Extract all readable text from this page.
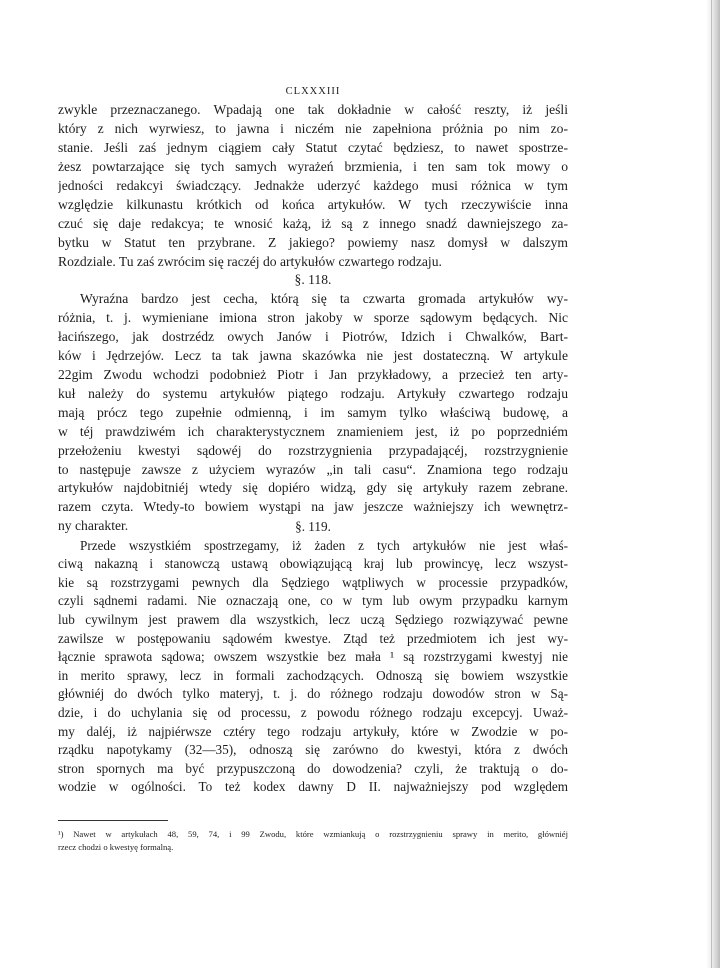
CLXXXIII
zwykle przeznaczanego. Wpadają one tak dokładnie w całość reszty, iż jeśli
który z nich wyrwiesz, to jawna i niczém nie zapełniona próżnia po nim zo-
stanie. Jeśli zaś jednym ciągiem cały Statut czytać będziesz, to nawet spostrze-
żesz powtarzające się tych samych wyrażeń brzmienia, i ten sam tok mowy o
jedności redakcyi świadczący. Jednakże uderzyć każdego musi różnica w tym
względzie kilkunastu krótkich od końca artykułów. W tych rzeczywiście inna
czuć się daje redakcya; te wnosić każą, iż są z innego snadź dawniejszego za-
bytku w Statut ten przybrane. Z jakiego? powiemy nasz domysł w dalszym
Rozdziale. Tu zaś zwrócim się raczéj do artykułów czwartego rodzaju.
§. 118.
Wyraźna bardzo jest cecha, którą się ta czwarta gromada artykułów wy-
różnia, t. j. wymieniane imiona stron jakoby w sporze sądowym będących. Nic
łacińszego, jak dostrzédz owych Janów i Piotrów, Idzich i Chwalków, Bart-
ków i Jędrzejów. Lecz ta tak jawna skazówka nie jest dostateczną. W artykule
22gim Zwodu wchodzi podobnież Piotr i Jan przykładowy, a przecież ten arty-
kuł należy do systemu artykułów piątego rodzaju. Artykuły czwartego rodzaju
mają prócz tego zupełnie odmienną, i im samym tylko właściwą budowę, a
w téj prawdziwém ich charakterystycznem znamieniem jest, iż po poprzedniém
przełożeniu kwestyi sądowéj do rozstrzygnienia przypadającéj, rozstrzygnienie
to następuje zawsze z użyciem wyrazów „in tali casu“. Znamiona tego rodzaju
artykułów najdobitniéj wtedy się dopiéro widzą, gdy się artykuły razem zebrane.
razem czyta. Wtedy-to bowiem wystąpi na jaw jeszcze ważniejszy ich wewnętrz-
ny charakter.	§. 119.
Przede wszystkiém spostrzegamy, iż żaden z tych artykułów nie jest właś-
ciwą nakazną i stanowczą ustawą obowiązującą kraj lub prowincyę, lecz wszyst-
kie są rozstrzygami pewnych dla Sędziego wątpliwych w processie przypadków,
czyli sądnemi radami. Nie oznaczają one, co w tym lub owym przypadku karnym
lub cywilnym jest prawem dla wszystkich, lecz uczą Sędziego rozwiązywać pewne
zawilsze w postępowaniu sądowém kwestye. Ztąd też przedmiotem ich jest wy-
łącznie sprawota sądowa; owszem wszystkie bez mała ¹ są rozstrzygami kwestyj nie
in merito sprawy, lecz in formali zachodzących. Odnoszą się bowiem wszystkie
główniéj do dwóch tylko materyj, t. j. do różnego rodzaju dowodów stron w Są-
dzie, i do uchylania się od processu, z powodu różnego rodzaju excepcyj. Uważ-
my daléj, iż najpiérwsze cztéry tego rodzaju artykuły, które w Zwodzie w po-
rządku napotykamy (32—35), odnoszą się zarówno do kwestyi, która z dwóch
stron spornych ma być przypuszczoną do dowodzenia? czyli, że traktują o do-
wodzie w ogólności. To też kodex dawny D II. najważniejszy pod względem
¹) Nawet w artykułach 48, 59, 74, i 99 Zwodu, które wzmiankują o rozstrzygnieniu sprawy in merito, główniéj
rzecz chodzi o kwestyę formalną.
